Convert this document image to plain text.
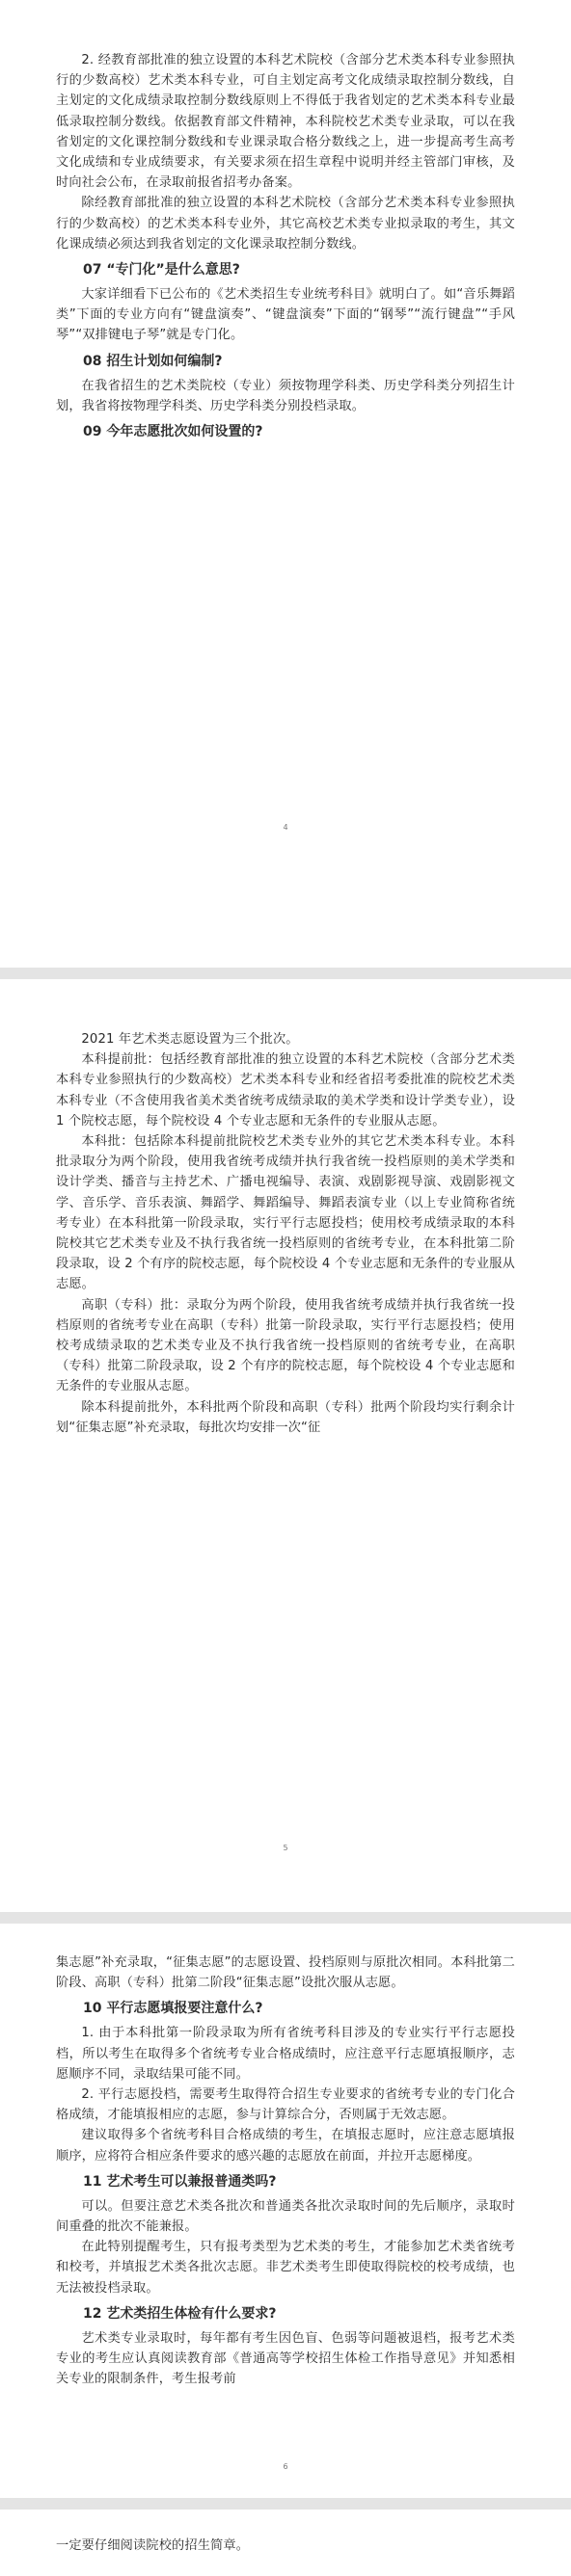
2. 经教育部批准的独立设置的本科艺术院校（含部分艺术类本科专业参照执行的少数高校）艺术类本科专业，可自主划定高考文化成绩录取控制分数线，自主划定的文化成绩录取控制分数线原则上不得低于我省划定的艺术类本科专业最低录取控制分数线。依据教育部文件精神，本科院校艺术类专业录取，可以在我省划定的文化课控制分数线和专业课录取合格分数线之上，进一步提高考生高考文化成绩和专业成绩要求，有关要求须在招生章程中说明并经主管部门审核，及时向社会公布，在录取前报省招考办备案。

除经教育部批准的独立设置的本科艺术院校（含部分艺术类本科专业参照执行的少数高校）的艺术类本科专业外，其它高校艺术类专业拟录取的考生，其文化课成绩必须达到我省划定的文化课录取控制分数线。

07 “专门化”是什么意思?

大家详细看下已公布的《艺术类招生专业统考科目》就明白了。如“音乐舞蹈类”下面的专业方向有“键盘演奏”、“键盘演奏”下面的“钢琴”“流行键盘”“手风琴”“双排键电子琴”就是专门化。

08 招生计划如何编制?

在我省招生的艺术类院校（专业）须按物理学科类、历史学科类分列招生计划，我省将按物理学科类、历史学科类分别投档录取。

09 今年志愿批次如何设置的?
4

2021 年艺术类志愿设置为三个批次。

本科提前批：包括经教育部批准的独立设置的本科艺术院校（含部分艺术类本科专业参照执行的少数高校）艺术类本科专业和经省招考委批准的院校艺术类本科专业（不含使用我省美术类省统考成绩录取的美术学类和设计学类专业），设 1 个院校志愿，每个院校设 4 个专业志愿和无条件的专业服从志愿。

本科批：包括除本科提前批院校艺术类专业外的其它艺术类本科专业。本科批录取分为两个阶段，使用我省统考成绩并执行我省统一投档原则的美术学类和设计学类、播音与主持艺术、广播电视编导、表演、戏剧影视导演、戏剧影视文学、音乐学、音乐表演、舞蹈学、舞蹈编导、舞蹈表演专业（以上专业简称省统考专业）在本科批第一阶段录取，实行平行志愿投档；使用校考成绩录取的本科院校其它艺术类专业及不执行我省统一投档原则的省统考专业，在本科批第二阶段录取，设 2 个有序的院校志愿，每个院校设 4 个专业志愿和无条件的专业服从志愿。

高职（专科）批：录取分为两个阶段，使用我省统考成绩并执行我省统一投档原则的省统考专业在高职（专科）批第一阶段录取，实行平行志愿投档；使用校考成绩录取的艺术类专业及不执行我省统一投档原则的省统考专业，在高职（专科）批第二阶段录取，设 2 个有序的院校志愿，每个院校设 4 个专业志愿和无条件的专业服从志愿。

除本科提前批外，本科批两个阶段和高职（专科）批两个阶段均实行剩余计划“征集志愿”补充录取，每批次均安排一次“征

5

集志愿”补充录取，“征集志愿”的志愿设置、投档原则与原批次相同。本科批第二阶段、高职（专科）批第二阶段“征集志愿”设批次服从志愿。

10 平行志愿填报要注意什么?

1. 由于本科批第一阶段录取为所有省统考科目涉及的专业实行平行志愿投档，所以考生在取得多个省统考专业合格成绩时，应注意平行志愿填报顺序，志愿顺序不同，录取结果可能不同。

2. 平行志愿投档，需要考生取得符合招生专业要求的省统考专业的专门化合格成绩，才能填报相应的志愿，参与计算综合分，否则属于无效志愿。

建议取得多个省统考科目合格成绩的考生，在填报志愿时，应注意志愿填报顺序，应将符合相应条件要求的感兴趣的志愿放在前面，并拉开志愿梯度。

11 艺术考生可以兼报普通类吗?

可以。但要注意艺术类各批次和普通类各批次录取时间的先后顺序，录取时间重叠的批次不能兼报。

在此特别提醒考生，只有报考类型为艺术类的考生，才能参加艺术类省统考和校考，并填报艺术类各批次志愿。非艺术类考生即使取得院校的校考成绩，也无法被投档录取。

12 艺术类招生体检有什么要求?

艺术类专业录取时，每年都有考生因色盲、色弱等问题被退档，报考艺术类专业的考生应认真阅读教育部《普通高等学校招生体检工作指导意见》并知悉相关专业的限制条件，考生报考前

6

一定要仔细阅读院校的招生简章。
